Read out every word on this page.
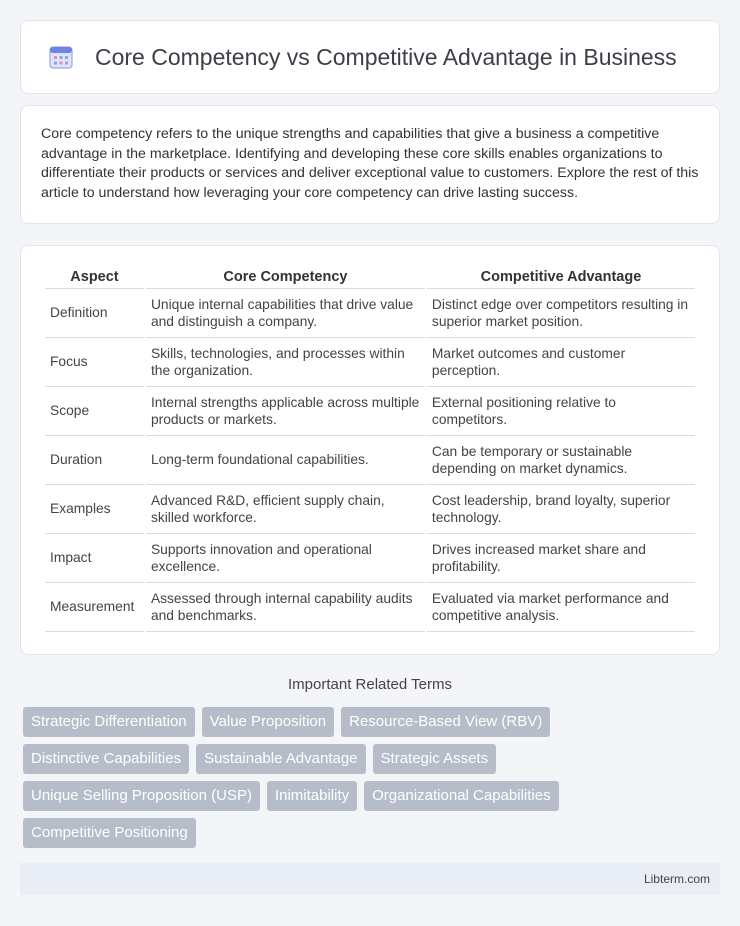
Core Competency vs Competitive Advantage in Business

Core competency refers to the unique strengths and capabilities that give a business a competitive advantage in the marketplace. Identifying and developing these core skills enables organizations to differentiate their products or services and deliver exceptional value to customers. Explore the rest of this article to understand how leveraging your core competency can drive lasting success.

Aspect	Core Competency	Competitive Advantage
Definition	Unique internal capabilities that drive value and distinguish a company.	Distinct edge over competitors resulting in superior market position.
Focus	Skills, technologies, and processes within the organization.	Market outcomes and customer perception.
Scope	Internal strengths applicable across multiple products or markets.	External positioning relative to competitors.
Duration	Long-term foundational capabilities.	Can be temporary or sustainable depending on market dynamics.
Examples	Advanced R&D, efficient supply chain, skilled workforce.	Cost leadership, brand loyalty, superior technology.
Impact	Supports innovation and operational excellence.	Drives increased market share and profitability.
Measurement	Assessed through internal capability audits and benchmarks.	Evaluated via market performance and competitive analysis.
Important Related Terms
Strategic Differentiation	Value Proposition	Resource-Based View (RBV)
Distinctive Capabilities	Sustainable Advantage	Strategic Assets
Unique Selling Proposition (USP)	Inimitability	Organizational Capabilities
Competitive Positioning
Libterm.com
